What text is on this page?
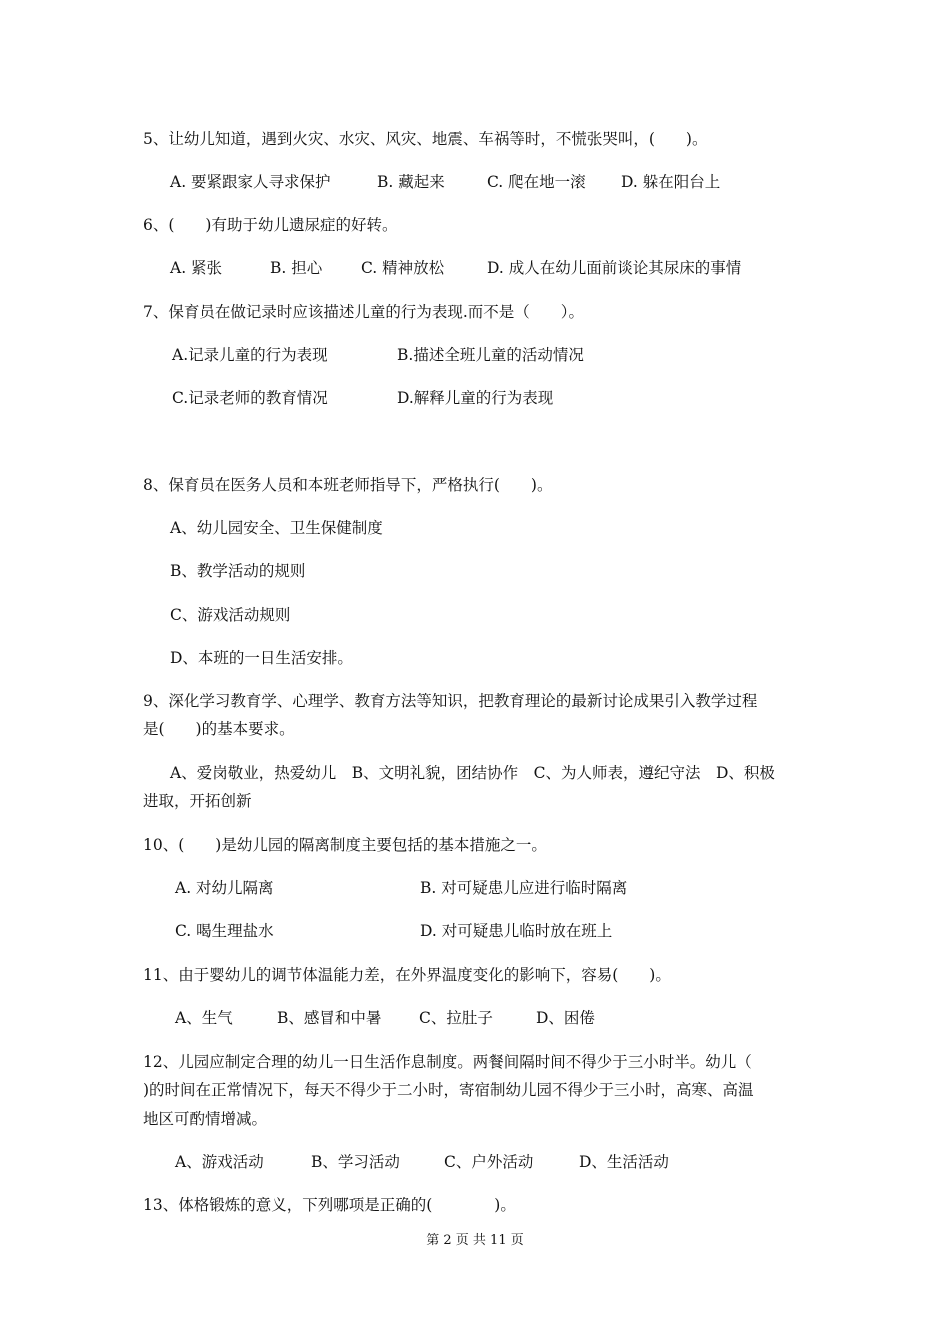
5、让幼儿知道，遇到火灾、水灾、风灾、地震、车祸等时，不慌张哭叫，(　　)。
A. 要紧跟家人寻求保护	B. 藏起来	C. 爬在地一滚 D. 躲在阳台上
6、(　　)有助于幼儿遗尿症的好转。
A. 紧张	B. 担心	C. 精神放松	D. 成人在幼儿面前谈论其尿床的事情
7、保育员在做记录时应该描述儿童的行为表现.而不是（　　）。
A.记录儿童的行为表现	B.描述全班儿童的活动情况
C.记录老师的教育情况	D.解释儿童的行为表现
8、保育员在医务人员和本班老师指导下，严格执行(　　)。
A、幼儿园安全、卫生保健制度
B、教学活动的规则
C、游戏活动规则
D、本班的一日生活安排。
9、深化学习教育学、心理学、教育方法等知识，把教育理论的最新讨论成果引入教学过程
是(　　)的基本要求。
A、爱岗敬业，热爱幼儿　B、文明礼貌，团结协作　C、为人师表，遵纪守法　D、积极
进取，开拓创新
10、(　　)是幼儿园的隔离制度主要包括的基本措施之一。
A. 对幼儿隔离	B. 对可疑患儿应进行临时隔离
C. 喝生理盐水	D. 对可疑患儿临时放在班上
11、由于婴幼儿的调节体温能力差，在外界温度变化的影响下，容易(　　)。
A、生气	B、感冒和中暑 C、拉肚子	D、困倦
12、儿园应制定合理的幼儿一日生活作息制度。两餐间隔时间不得少于三小时半。幼儿（
)的时间在正常情况下，每天不得少于二小时，寄宿制幼儿园不得少于三小时，高寒、高温
地区可酌情增减。
A、游戏活动	B、学习活动	C、户外活动	D、生活活动
13、体格锻炼的意义，下列哪项是正确的(　　　　)。
第 2 页 共 11 页
